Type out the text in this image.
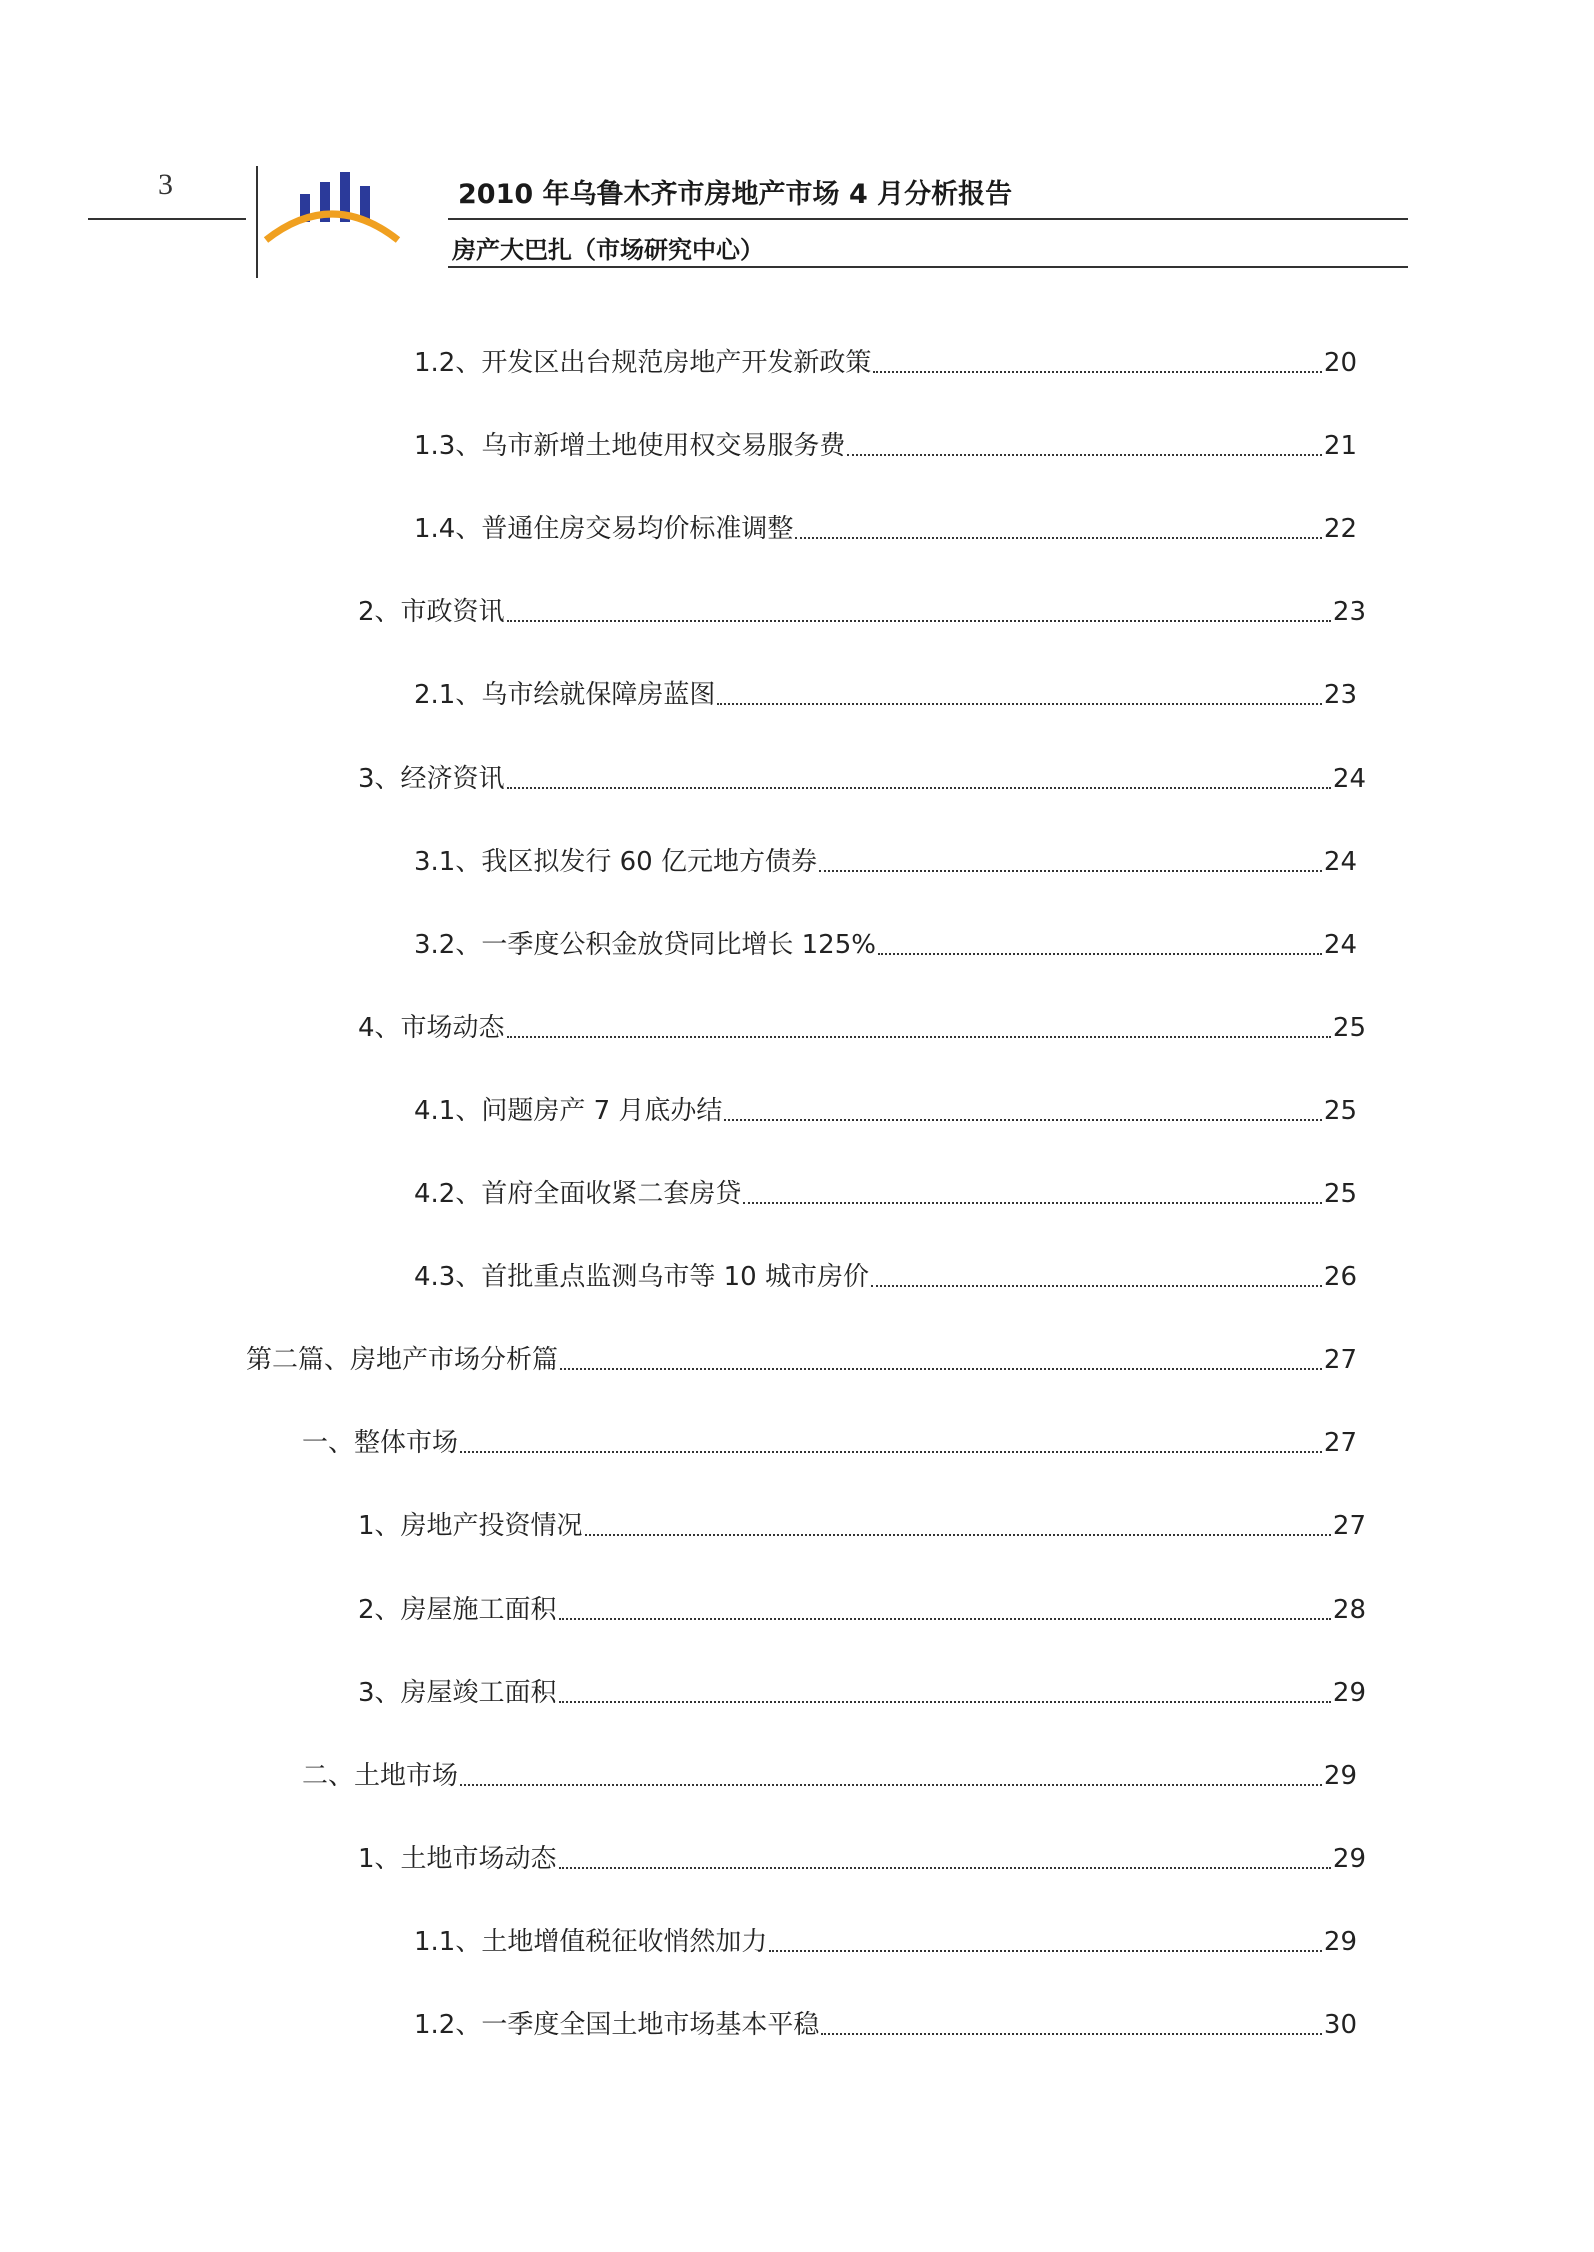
3	2010 年乌鲁木齐市房地产市场 4 月分析报告
房产大巴扎（市场研究中心）
1.2、开发区出台规范房地产开发新政策	20
1.3、乌市新增土地使用权交易服务费	21
1.4、普通住房交易均价标准调整	22
2、市政资讯	23
2.1、乌市绘就保障房蓝图	23
3、经济资讯	24
3.1、我区拟发行 60 亿元地方债券	24
3.2、一季度公积金放贷同比增长 125%	24
4、市场动态	25
4.1、问题房产 7 月底办结	25
4.2、首府全面收紧二套房贷	25
4.3、首批重点监测乌市等 10 城市房价	26
第二篇、房地产市场分析篇	27
一、整体市场	27
1、房地产投资情况	27
2、房屋施工面积	28
3、房屋竣工面积	29
二、土地市场	29
1、土地市场动态	29
1.1、土地增值税征收悄然加力	29
1.2、一季度全国土地市场基本平稳	30
